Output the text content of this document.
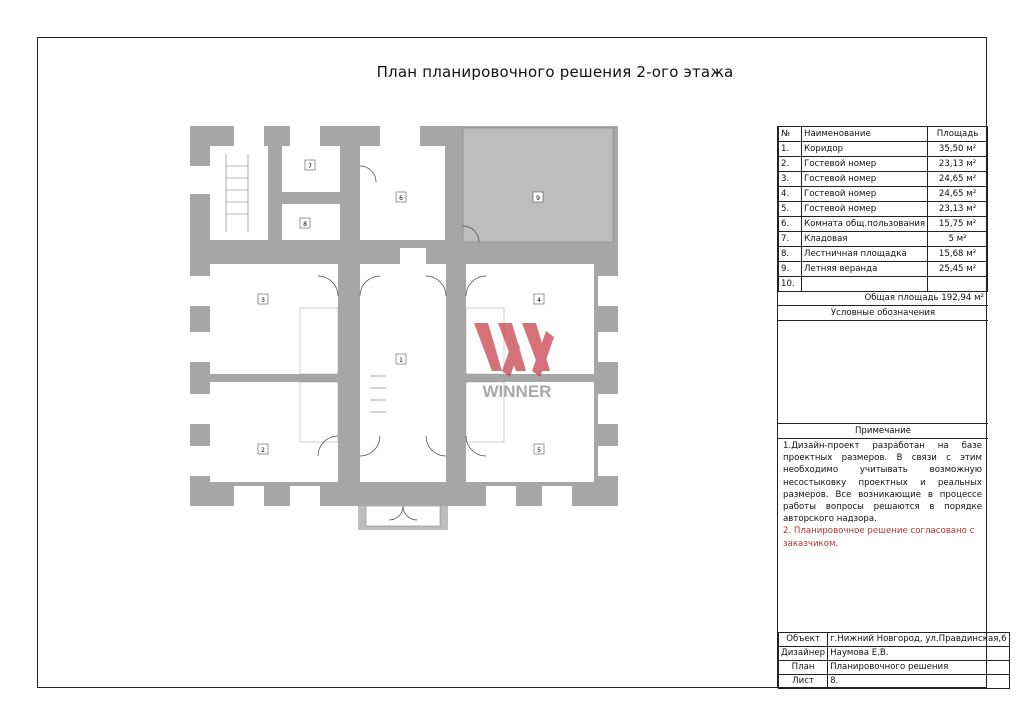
План планировочного решения 2-ого этажа
1
2
3	4
5
6
7
8
9
WINNER
№	Наименование	Площадь
1.	Коридор	35,50 м²
2.	Гостевой номер	23,13 м²
3.	Гостевой номер	24,65 м²
4.	Гостевой номер	24,65 м²
5.	Гостевой номер	23,13 м²
6.	Комната общ.пользования	15,75 м²
7.	Кладовая	5 м²
8.	Лестничная площадка	15,68 м²
9.	Летняя веранда	25,45 м²
10.		
Общая площадь 192,94 м²
Условные обозначения
Примечание
1.Дизайн-проект разработан на базе проектных размеров. В связи с этим необходимо учитывать возможную несостыковку проектных и реальных размеров. Все возникающие в процессе работы вопросы решаются в порядке авторского надзора.
2. Планировочное решение согласовано с заказчиком.
Объект	г.Нижний Новгород, ул.Правдинская,6
Дизайнер	Наумова Е.В.
План	Планировочного решения
Лист	8.
